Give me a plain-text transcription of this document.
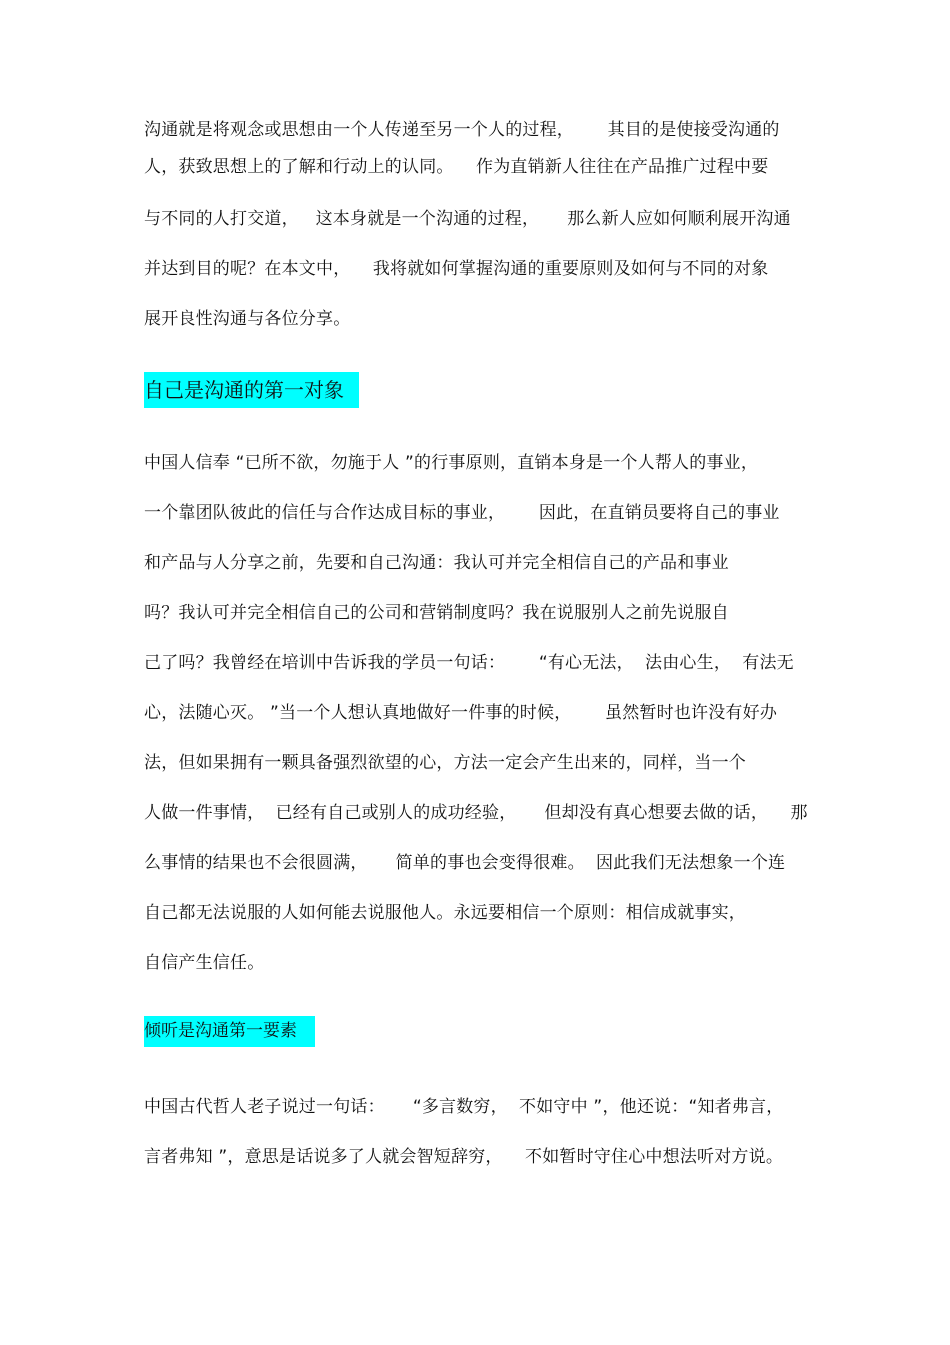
沟通就是将观念或思想由一个人传递至另一个人的过程，      其目的是使接受沟通的
人，获致思想上的了解和行动上的认同。    作为直销新人往往在产品推广过程中要
与不同的人打交道，   这本身就是一个沟通的过程，     那么新人应如何顺利展开沟通
并达到目的呢？在本文中，    我将就如何掌握沟通的重要原则及如何与不同的对象
展开良性沟通与各位分享。
自己是沟通的第一对象
中国人信奉 “已所不欲，勿施于人 ”的行事原则，直销本身是一个人帮人的事业，
一个靠团队彼此的信任与合作达成目标的事业，      因此，在直销员要将自己的事业
和产品与人分享之前，先要和自己沟通：我认可并完全相信自己的产品和事业
吗？我认可并完全相信自己的公司和营销制度吗？我在说服别人之前先说服自
己了吗？我曾经在培训中告诉我的学员一句话：      “有心无法，  法由心生，  有法无
心，法随心灭。 ”当一个人想认真地做好一件事的时候，      虽然暂时也许没有好办
法，但如果拥有一颗具备强烈欲望的心，方法一定会产生出来的，同样，当一个
人做一件事情，  已经有自己或别人的成功经验，     但却没有真心想要去做的话，    那
么事情的结果也不会很圆满，     简单的事也会变得很难。  因此我们无法想象一个连
自己都无法说服的人如何能去说服他人。永远要相信一个原则：相信成就事实，
自信产生信任。
倾听是沟通第一要素
中国古代哲人老子说过一句话：     “多言数穷，  不如守中 ”，他还说：“知者弗言，
言者弗知 ”，意思是话说多了人就会智短辞穷，    不如暂时守住心中想法听对方说。
